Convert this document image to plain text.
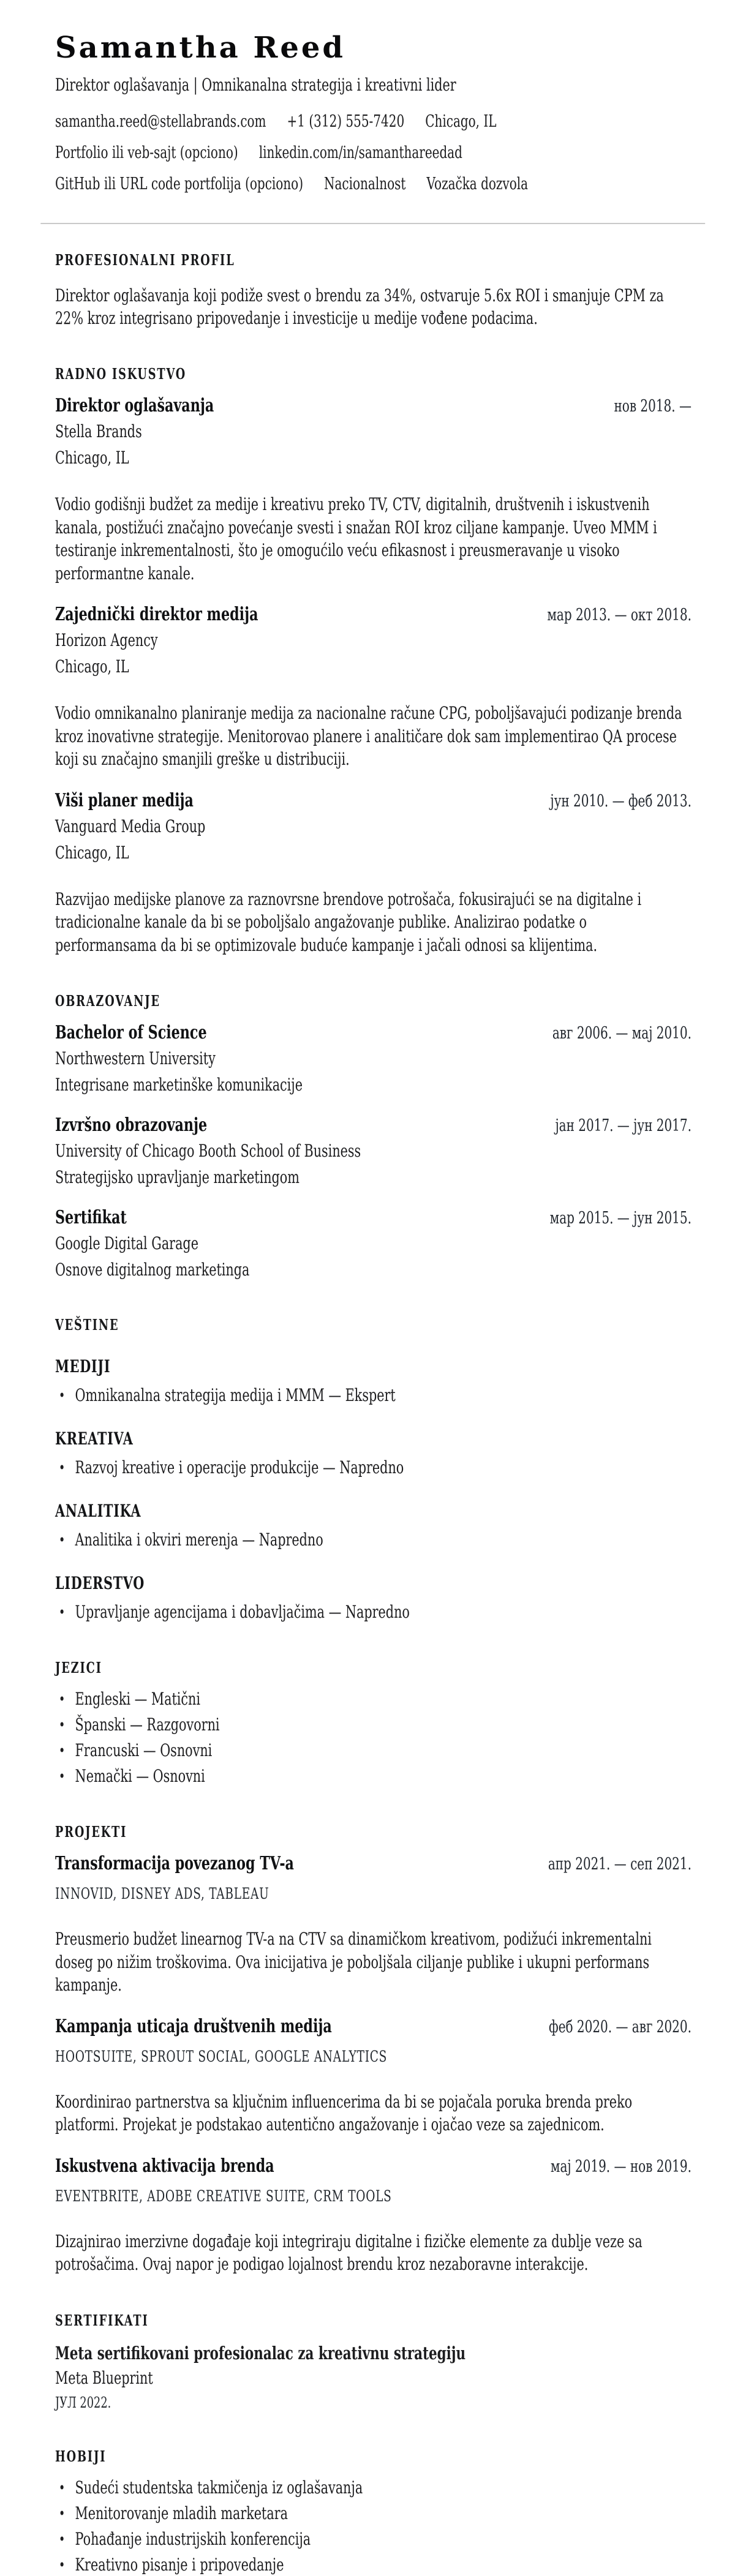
Samantha Reed
Direktor oglašavanja | Omnikanalna strategija i kreativni lider
samantha.reed@stellabrands.com +1 (312) 555-7420 Chicago, IL
Portfolio ili veb-sajt (opciono) linkedin.com/in/samanthareedad
GitHub ili URL code portfolija (opciono) Nacionalnost Vozačka dozvola
PROFESIONALNI PROFIL
Direktor oglašavanja koji podiže svest o brendu za 34%, ostvaruje 5.6x ROI i smanjuje CPM za 22% kroz integrisano pripovedanje i investicije u medije vođene podacima.
RADNO ISKUSTVO
Direktor oglašavanja	нов 2018. —
Stella Brands
Chicago, IL
Vodio godišnji budžet za medije i kreativu preko TV, CTV, digitalnih, društvenih i iskustvenih kanala, postižući značajno povećanje svesti i snažan ROI kroz ciljane kampanje. Uveo MMM i testiranje inkrementalnosti, što je omogućilo veću efikasnost i preusmeravanje u visoko performantne kanale.
Zajednički direktor medija	мар 2013. — окт 2018.
Horizon Agency
Chicago, IL
Vodio omnikanalno planiranje medija za nacionalne račune CPG, poboljšavajući podizanje brenda kroz inovativne strategije. Menitorovao planere i analitičare dok sam implementirao QA procese koji su značajno smanjili greške u distribuciji.
Viši planer medija	јун 2010. — феб 2013.
Vanguard Media Group
Chicago, IL
Razvijao medijske planove za raznovrsne brendove potrošača, fokusirajući se na digitalne i tradicionalne kanale da bi se poboljšalo angažovanje publike. Analizirao podatke o performansama da bi se optimizovale buduće kampanje i jačali odnosi sa klijentima.
OBRAZOVANJE
Bachelor of Science	авг 2006. — мај 2010.
Northwestern University
Integrisane marketinške komunikacije
Izvršno obrazovanje	јан 2017. — јун 2017.
University of Chicago Booth School of Business
Strategijsko upravljanje marketingom
Sertifikat	мар 2015. — јун 2015.
Google Digital Garage
Osnove digitalnog marketinga
VEŠTINE
MEDIJI
• Omnikanalna strategija medija i MMM — Ekspert
KREATIVA
• Razvoj kreative i operacije produkcije — Napredno
ANALITIKA
• Analitika i okviri merenja — Napredno
LIDERSTVO
• Upravljanje agencijama i dobavljačima — Napredno
JEZICI
• Engleski — Matični
• Španski — Razgovorni
• Francuski — Osnovni
• Nemački — Osnovni
PROJEKTI
Transformacija povezanog TV-a	апр 2021. — сеп 2021.
INNOVID, DISNEY ADS, TABLEAU
Preusmerio budžet linearnog TV-a na CTV sa dinamičkom kreativom, podižući inkrementalni doseg po nižim troškovima. Ova inicijativa je poboljšala ciljanje publike i ukupni performans kampanje.
Kampanja uticaja društvenih medija	феб 2020. — авг 2020.
HOOTSUITE, SPROUT SOCIAL, GOOGLE ANALYTICS
Koordinirao partnerstva sa ključnim influencerima da bi se pojačala poruka brenda preko platformi. Projekat je podstakao autentično angažovanje i ojačao veze sa zajednicom.
Iskustvena aktivacija brenda	мај 2019. — нов 2019.
EVENTBRITE, ADOBE CREATIVE SUITE, CRM TOOLS
Dizajnirao imerzivne događaje koji integriraju digitalne i fizičke elemente za dublje veze sa potrošačima. Ovaj napor je podigao lojalnost brendu kroz nezaboravne interakcije.
SERTIFIKATI
Meta sertifikovani profesionalac za kreativnu strategiju
Meta Blueprint
ЈУЛ 2022.
HOBIJI
• Sudeći studentska takmičenja iz oglašavanja
• Menitorovanje mladih marketara
• Pohađanje industrijskih konferencija
• Kreativno pisanje i pripovedanje
